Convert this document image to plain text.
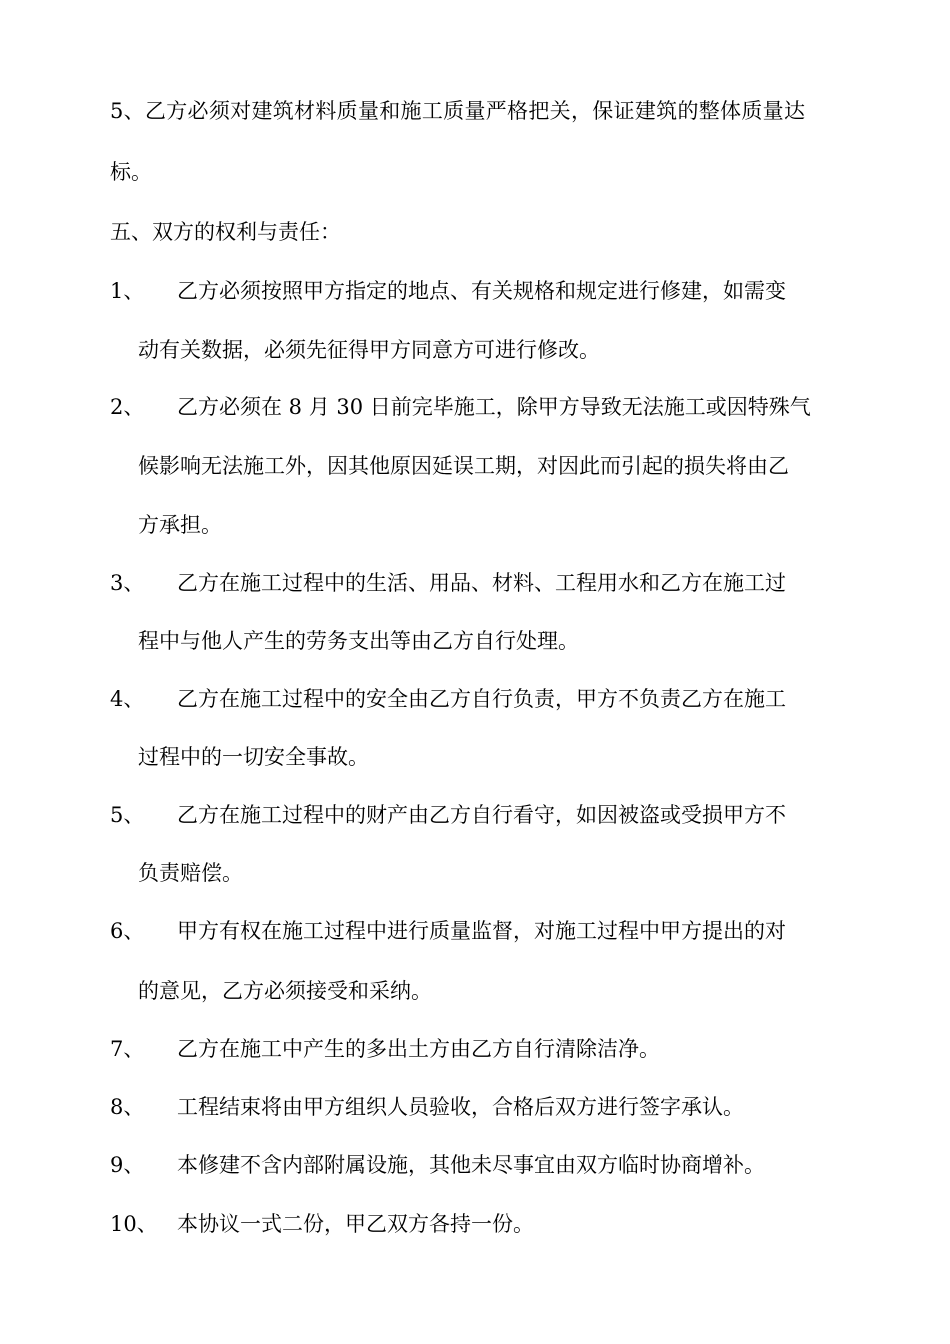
5、乙方必须对建筑材料质量和施工质量严格把关，保证建筑的整体质量达
标。
五、双方的权利与责任：
1、 乙方必须按照甲方指定的地点、有关规格和规定进行修建，如需变
动有关数据，必须先征得甲方同意方可进行修改。
2、 乙方必须在 8 月 30 日前完毕施工，除甲方导致无法施工或因特殊气
候影响无法施工外，因其他原因延误工期，对因此而引起的损失将由乙
方承担。
3、 乙方在施工过程中的生活、用品、材料、工程用水和乙方在施工过
程中与他人产生的劳务支出等由乙方自行处理。
4、 乙方在施工过程中的安全由乙方自行负责，甲方不负责乙方在施工
过程中的一切安全事故。
5、 乙方在施工过程中的财产由乙方自行看守，如因被盗或受损甲方不
负责赔偿。
6、 甲方有权在施工过程中进行质量监督，对施工过程中甲方提出的对
的意见，乙方必须接受和采纳。
7、 乙方在施工中产生的多出土方由乙方自行清除洁净。
8、 工程结束将由甲方组织人员验收，合格后双方进行签字承认。
9、 本修建不含内部附属设施，其他未尽事宜由双方临时协商增补。
10、 本协议一式二份，甲乙双方各持一份。
